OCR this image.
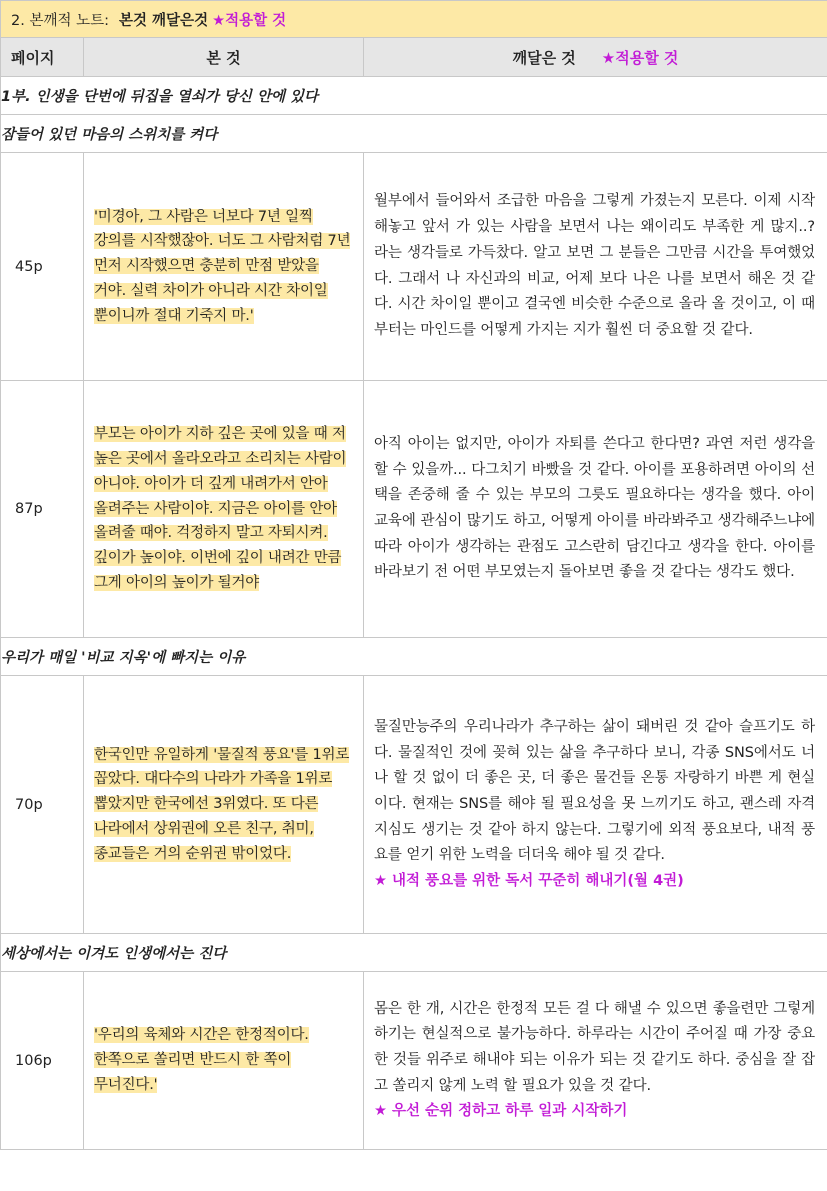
2. 본깨적 노트: 본것 깨달은것 ★적용할 것		
페이지	본 것	깨달은 것 ★적용할 것
1부. 인생을 단번에 뒤집을 열쇠가 당신 안에 있다		
잠들어 있던 마음의 스위치를 켜다		
45p	'미경아, 그 사람은 너보다 7년 일찍 강의를 시작했잖아. 너도 그 사람처럼 7년 먼저 시작했으면 충분히 만점 받았을 거야. 실력 차이가 아니라 시간 차이일 뿐이니까 절대 기죽지 마.'	월부에서 들어와서 조급한 마음을 그렇게 가졌는지 모른다. 이제 시작해놓고 앞서 가 있는 사람을 보면서 나는 왜이리도 부족한 게 많지..? 라는 생각들로 가득찼다. 알고 보면 그 분들은 그만큼 시간을 투여했었다. 그래서 나 자신과의 비교, 어제 보다 나은 나를 보면서 해온 것 같다. 시간 차이일 뿐이고 결국엔 비슷한 수준으로 올라 올 것이고, 이 때부터는 마인드를 어떻게 가지는 지가 훨씬 더 중요할 것 같다.

87p	부모는 아이가 지하 깊은 곳에 있을 때 저 높은 곳에서 올라오라고 소리치는 사람이 아니야. 아이가 더 깊게 내려가서 안아 올려주는 사람이야. 지금은 아이를 안아 올려줄 때야. 걱정하지 말고 자퇴시켜. 깊이가 높이야. 이번에 깊이 내려간 만큼 그게 아이의 높이가 될거야	아직 아이는 없지만, 아이가 자퇴를 쓴다고 한다면? 과연 저런 생각을 할 수 있을까... 다그치기 바빴을 것 같다. 아이를 포용하려면 아이의 선택을 존중해 줄 수 있는 부모의 그릇도 필요하다는 생각을 했다. 아이 교육에 관심이 많기도 하고, 어떻게 아이를 바라봐주고 생각해주느냐에 따라 아이가 생각하는 관점도 고스란히 담긴다고 생각을 한다. 아이를 바라보기 전 어떤 부모였는지 돌아보면 좋을 것 같다는 생각도 했다.

우리가 매일 '비교 지옥'에 빠지는 이유		
70p	한국인만 유일하게 '물질적 풍요'를 1위로 꼽았다. 대다수의 나라가 가족을 1위로 뽑았지만 한국에선 3위였다. 또 다른 나라에서 상위권에 오른 친구, 취미, 종교들은 거의 순위권 밖이었다.	물질만능주의 우리나라가 추구하는 삶이 돼버린 것 같아 슬프기도 하다. 물질적인 것에 꽂혀 있는 삶을 추구하다 보니, 각종 SNS에서도 너나 할 것 없이 더 좋은 곳, 더 좋은 물건들 온통 자랑하기 바쁜 게 현실이다. 현재는 SNS를 해야 될 필요성을 못 느끼기도 하고, 괜스레 자격지심도 생기는 것 같아 하지 않는다. 그렇기에 외적 풍요보다, 내적 풍요를 얻기 위한 노력을 더더욱 해야 될 것 같다.
★ 내적 풍요를 위한 독서 꾸준히 해내기(월 4권)

세상에서는 이겨도 인생에서는 진다		
106p	'우리의 육체와 시간은 한정적이다. 한쪽으로 쏠리면 반드시 한 쪽이 무너진다.'	몸은 한 개, 시간은 한정적 모든 걸 다 해낼 수 있으면 좋을련만 그렇게 하기는 현실적으로 불가능하다. 하루라는 시간이 주어질 때 가장 중요한 것들 위주로 해내야 되는 이유가 되는 것 같기도 하다. 중심을 잘 잡고 쏠리지 않게 노력 할 필요가 있을 것 같다.
★ 우선 순위 정하고 하루 일과 시작하기
